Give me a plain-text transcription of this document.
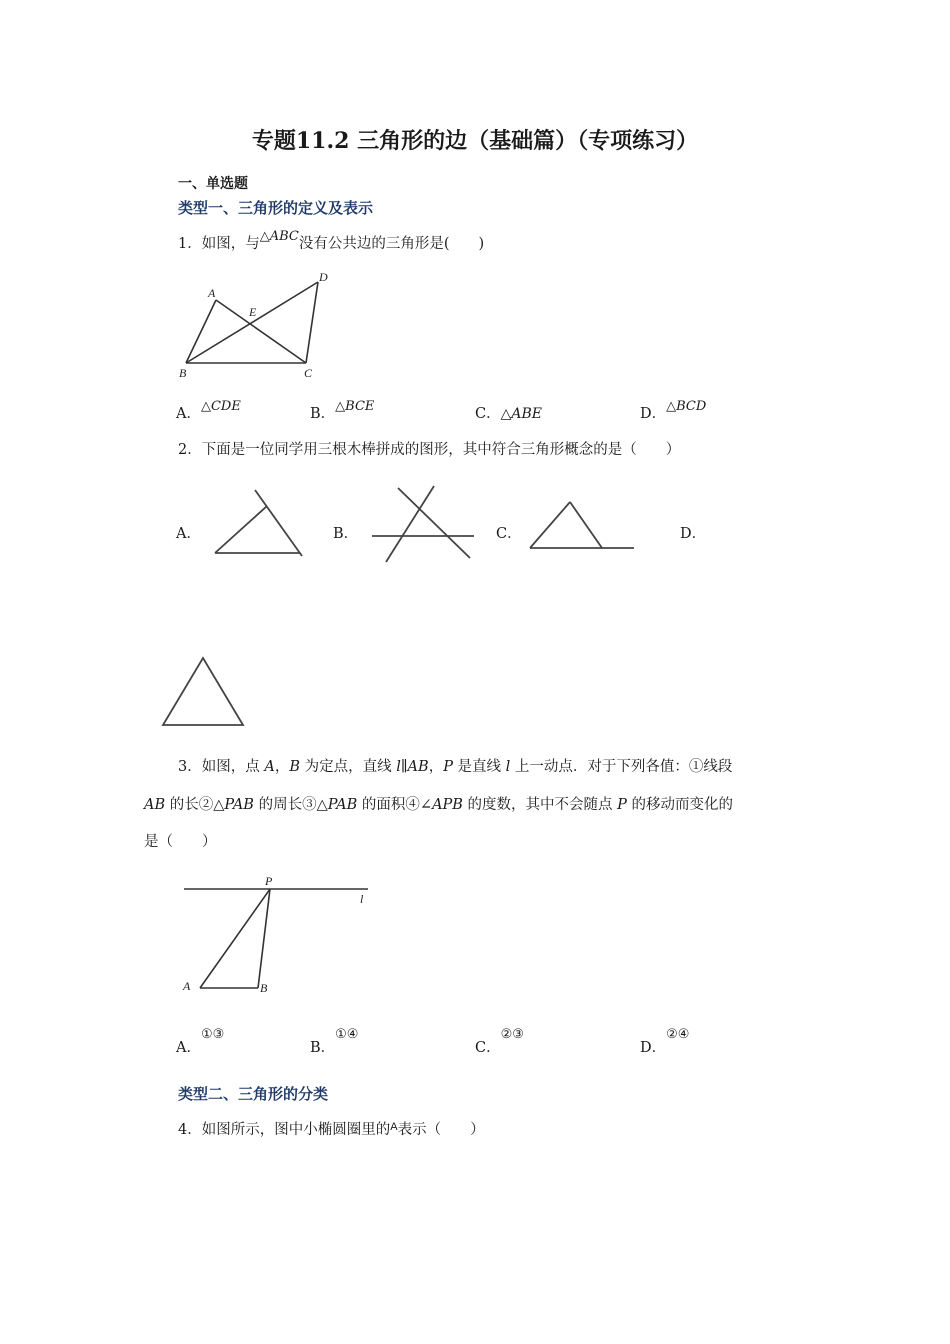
专题11.2 三角形的边（基础篇）（专项练习）
一、单选题
类型一、三角形的定义及表示
1．如图，与△ABC没有公共边的三角形是(　　)
A
B	C
D
E
A．△CDE	B．△BCE	C．△ABE	D．△BCD
2．下面是一位同学用三根木棒拼成的图形，其中符合三角形概念的是（　　）
A．	B．	C．	D．
3．如图，点 A，B 为定点，直线 l∥AB，P 是直线 l 上一动点．对于下列各值：①线段
AB 的长②△PAB 的周长③△PAB 的面积④∠APB 的度数，其中不会随点 P 的移动而变化的
是（　　）
P
l
A	B
A．①③
B．①④
C．②③
D．②④
类型二、三角形的分类
4．如图所示，图中小椭圆圈里的$^A$表示（　　）
